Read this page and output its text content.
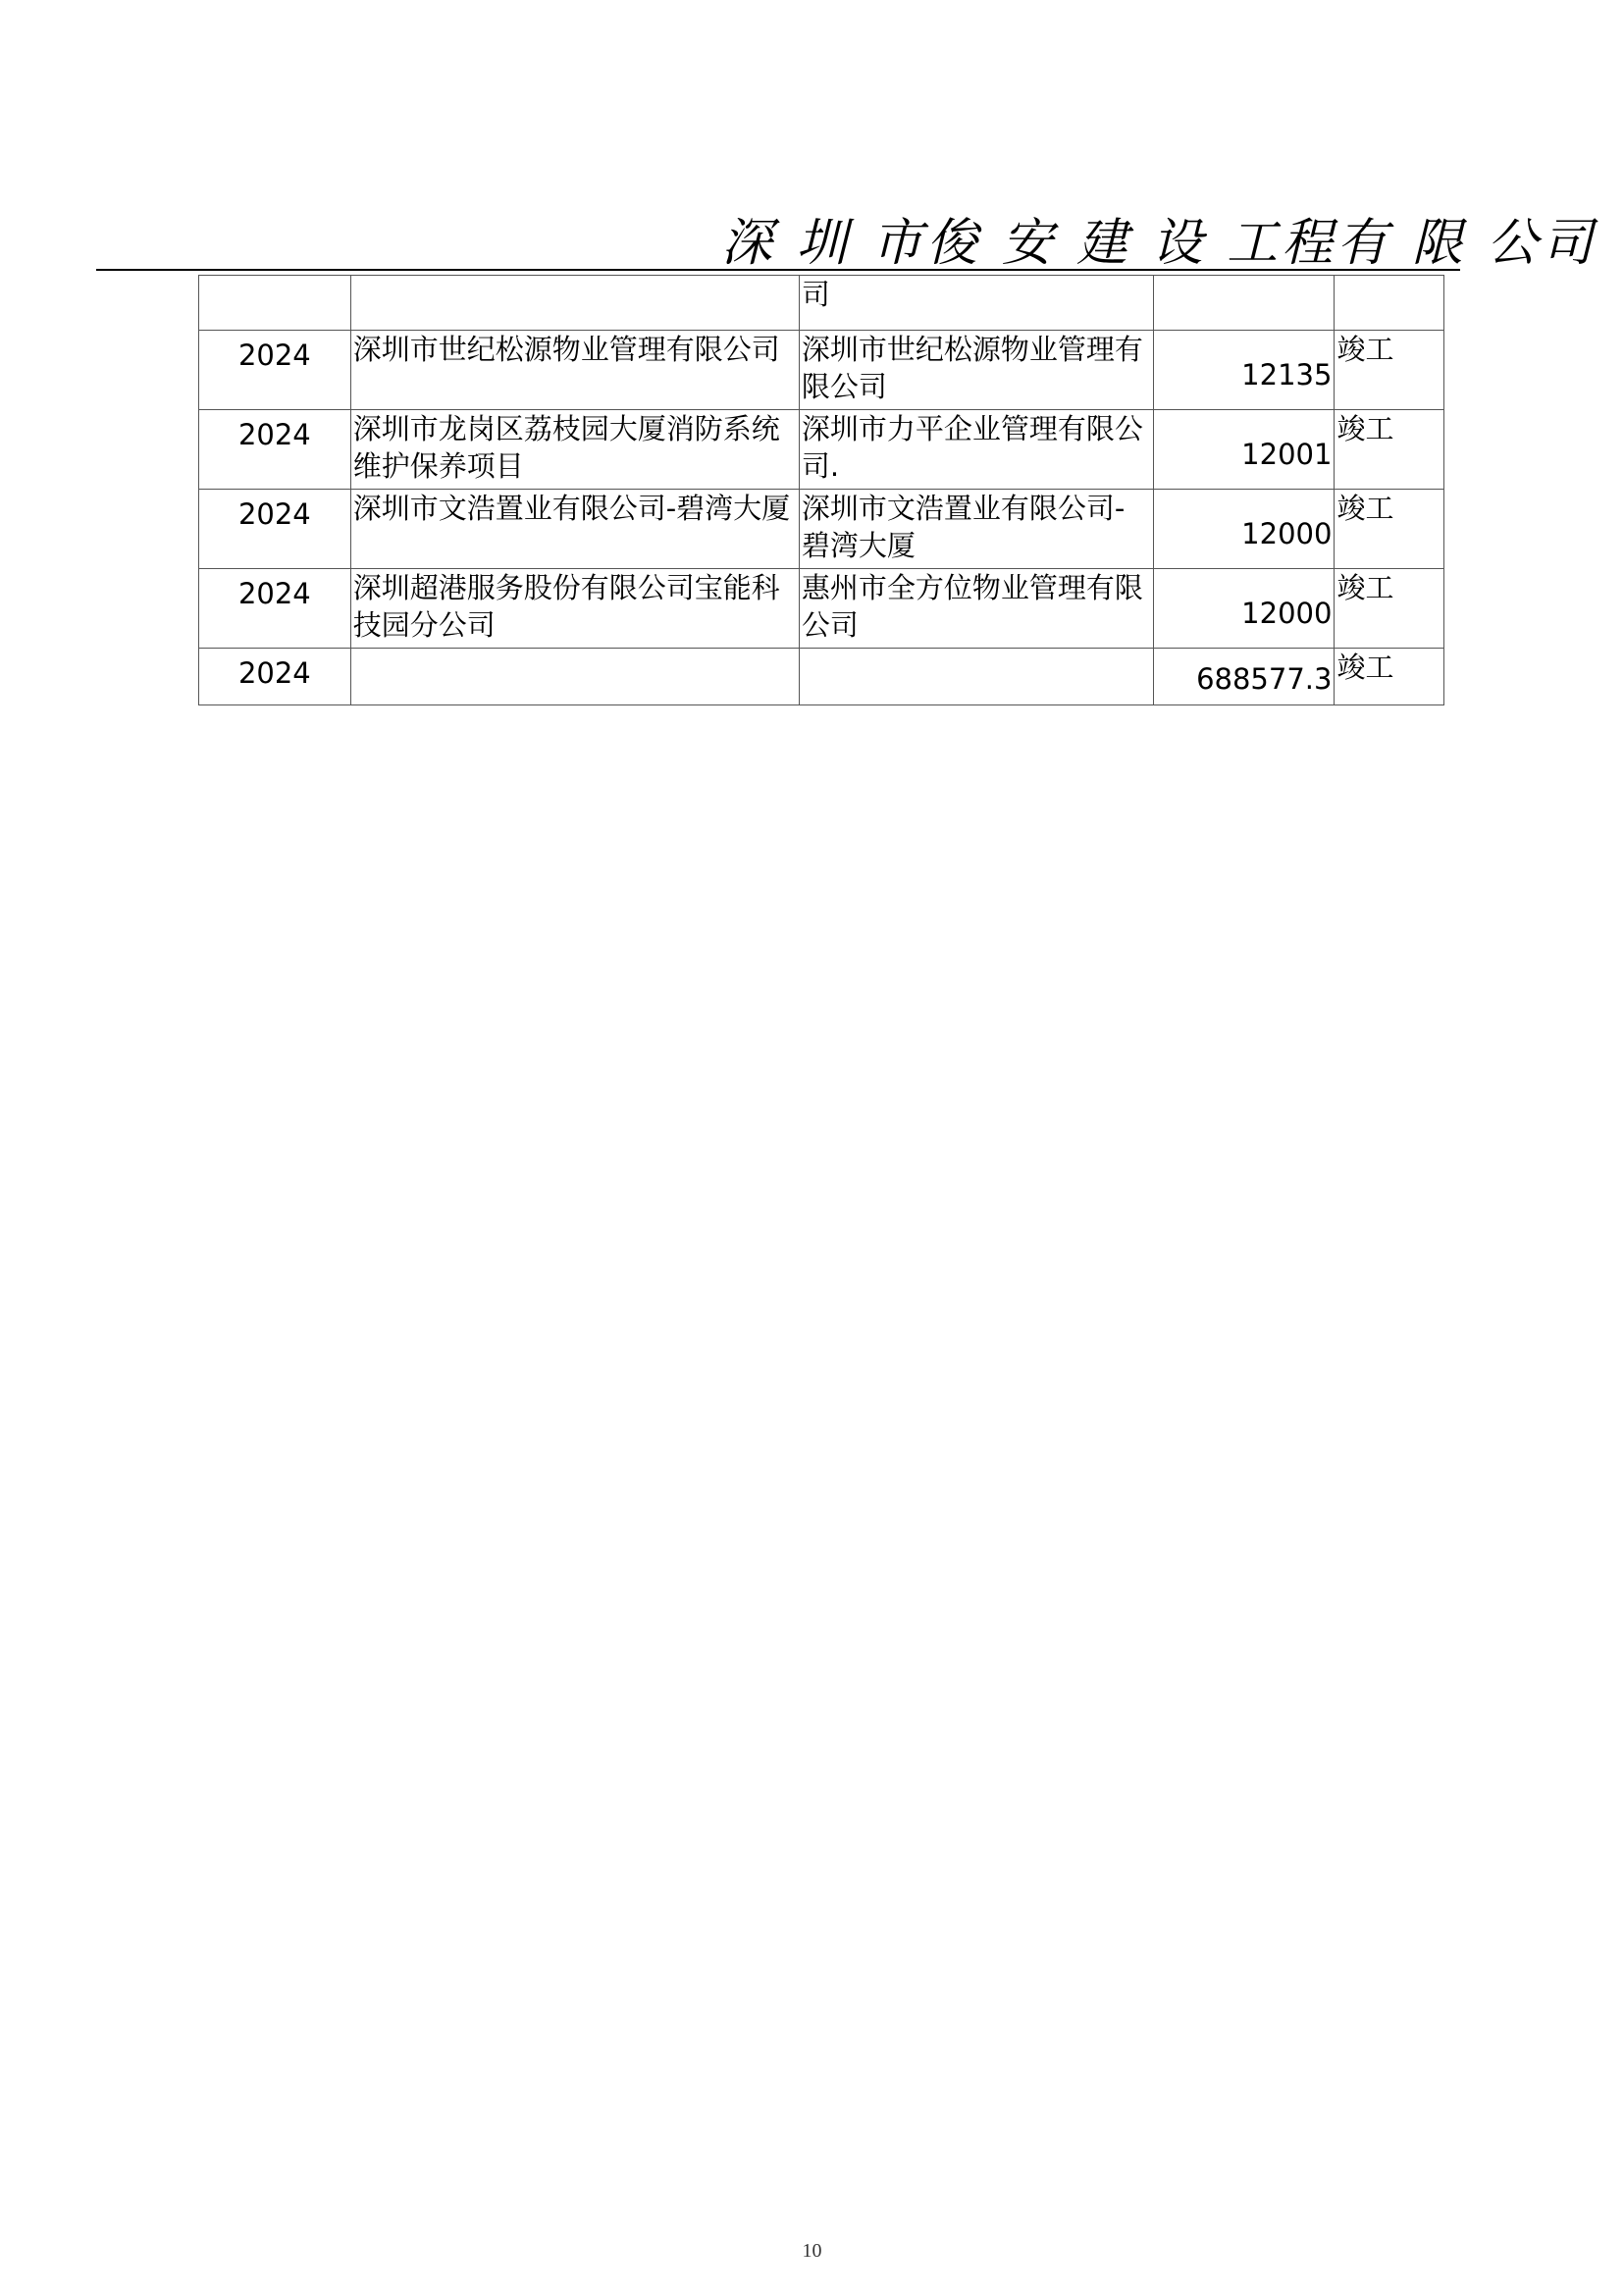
深 圳 市俊 安 建 设 工程有 限 公司
		司	

2024	深圳市世纪松源物业管理有限公司	深圳市世纪松源物业管理有限公司	12135	竣工
2024	深圳市龙岗区荔枝园大厦消防系统维护保养项目	深圳市力平企业管理有限公司.	12001	竣工
2024	深圳市文浩置业有限公司-碧湾大厦	深圳市文浩置业有限公司-碧湾大厦	12000	竣工
2024	深圳超港服务股份有限公司宝能科技园分公司	惠州市全方位物业管理有限公司	12000	竣工
2024			688577.3	竣工
10
